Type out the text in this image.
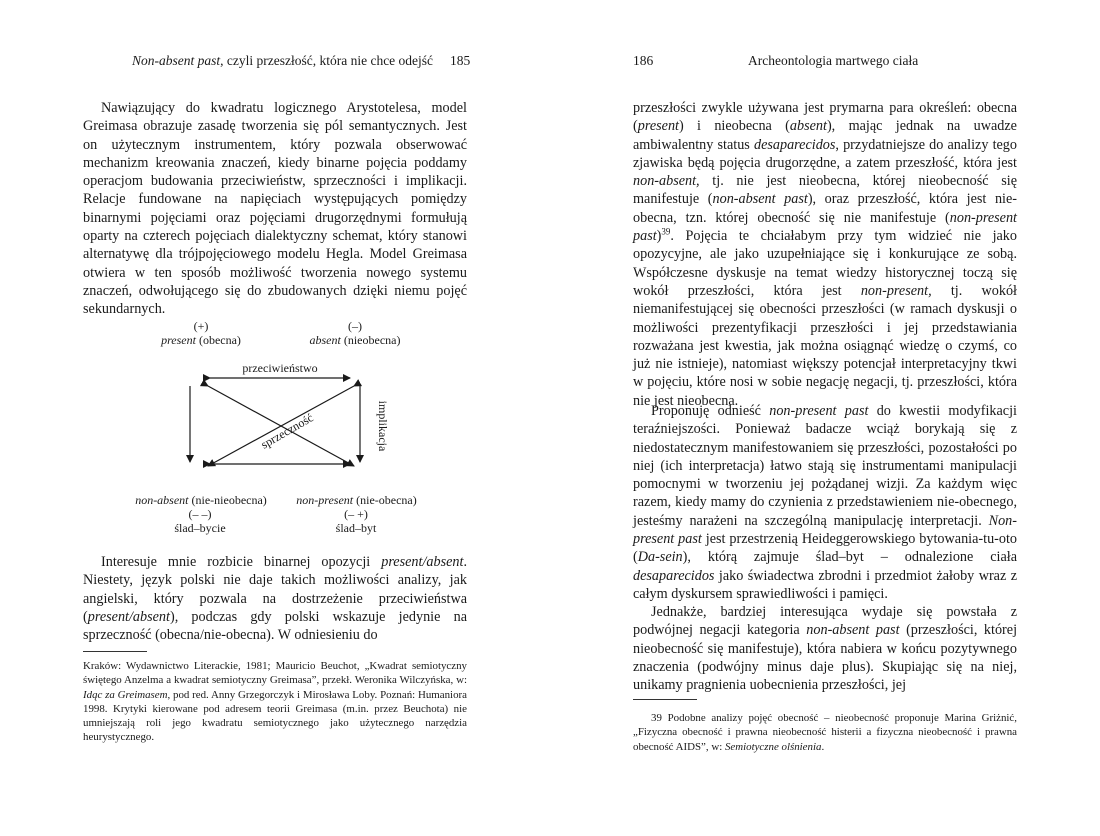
Non-absent past, czyli przeszłość, która nie chce odejść 185	186	Archeontologia martwego ciała

Nawiązujący do kwadratu logicznego Arystotelesa, model Greimasa obrazuje zasadę tworzenia się pól semantycznych. Jest on użytecznym instrumentem, który pozwala obserwować mechanizm kreowania znaczeń, kiedy binarne pojęcia poddamy operacjom budowania przeciwieństw, sprzeczności i implikacji. Relacje fundowane na napięciach występujących pomiędzy binarnymi pojęciami oraz pojęciami drugorzędnymi formułują oparty na czterech pojęciach dialektyczny schemat, który stanowi alternatywę dla trójpojęciowego modelu Hegla. Model Greimasa otwiera w ten sposób możliwość tworzenia nowego systemu znaczeń, odwołującego się do zbudowanych dzięki niemu pojęć sekundarnych.

(+)
present (obecna)
(–)
absent (nieobecna)
przeciwieństwo
sprzeczność	implikacja
non-absent (nie-nieobecna)
(– –)
ślad–bycie
non-present (nie-obecna)
(– +)
ślad–byt

Interesuje mnie rozbicie binarnej opozycji present/absent. Niestety, język polski nie daje takich możliwości analizy, jak angielski, który pozwala na dostrzeżenie przeciwieństwa (present/absent), podczas gdy polski wskazuje jedynie na sprzeczność (obecna/nie-obecna). W odniesieniu do

Kraków: Wydawnictwo Literackie, 1981; Mauricio Beuchot, „Kwadrat semiotyczny świętego Anzelma a kwadrat semiotyczny Greimasa”, przekł. Weronika Wilczyńska, w: Idąc za Greimasem, pod red. Anny Grzegorczyk i Mirosława Loby. Poznań: Humaniora 1998. Krytyki kierowane pod adresem teorii Greimasa (m.in. przez Beuchota) nie umniejszają roli jego kwadratu semiotycznego jako użytecznego narzędzia heurystycznego.

przeszłości zwykle używana jest prymarna para określeń: obecna (present) i nieobecna (absent), mając jednak na uwadze ambiwalentny status desaparecidos, przydatniejsze do analizy tego zjawiska będą pojęcia drugorzędne, a zatem przeszłość, która jest non-absent, tj. nie jest nieobecna, której nieobecność się manifestuje (non-absent past), oraz przeszłość, która jest nie-obecna, tzn. której obecność się nie manifestuje (non-present past)$^{39}$. Pojęcia te chciałabym przy tym widzieć nie jako opozycyjne, ale jako uzupełniające się i konkurujące ze sobą. Współczesne dyskusje na temat wiedzy historycznej toczą się wokół przeszłości, która jest non-present, tj. wokół niemanifestującej się obecności przeszłości (w ramach dyskusji o możliwości prezentyfikacji przeszłości i jej przedstawiania rozważana jest kwestia, jak można osiągnąć wiedzę o czymś, co już nie istnieje), natomiast większy potencjał interpretacyjny tkwi w pojęciu, które nosi w sobie negację negacji, tj. przeszłości, która nie jest nieobecna.

Proponuję odnieść non-present past do kwestii modyfikacji teraźniejszości. Ponieważ badacze wciąż borykają się z niedostatecznym manifestowaniem się przeszłości, pozostałości po niej (ich interpretacja) łatwo stają się instrumentami manipulacji pomocnymi w tworzeniu jej pożądanej wizji. Za każdym więc razem, kiedy mamy do czynienia z przedstawieniem nie-obecnego, jesteśmy narażeni na szczególną manipulację interpretacji. Non-present past jest przestrzenią Heideggerowskiego bytowania-tu-oto (Da-sein), którą zajmuje ślad–byt – odnalezione ciała desaparecidos jako świadectwa zbrodni i przedmiot żałoby wraz z całym dyskursem sprawiedliwości i pamięci.

Jednakże, bardziej interesująca wydaje się powstała z podwójnej negacji kategoria non-absent past (przeszłości, której nieobecność się manifestuje), która nabiera w końcu pozytywnego znaczenia (podwójny minus daje plus). Skupiając się na niej, unikamy pragnienia uobecnienia przeszłości, jej

39 Podobne analizy pojęć obecność – nieobecność proponuje Marina Griżnić, „Fizyczna obecność i prawna nieobecność histerii a fizyczna nieobecność i prawna obecność AIDS”, w: Semiotyczne olśnienia.
